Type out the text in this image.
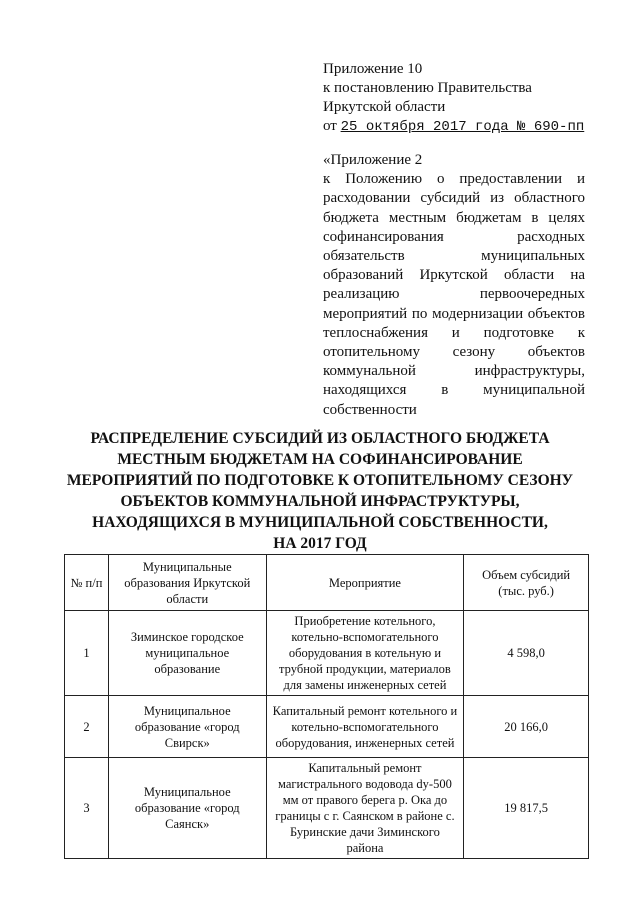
Приложение 10
к постановлению Правительства
Иркутской области
от 25 октября 2017 года № 690-пп
«Приложение 2
к Положению о предоставлении и расходовании субсидий из областного бюджета местным бюджетам в целях софинансирования расходных обязательств муниципальных образований Иркутской области на реализацию первоочередных мероприятий по модернизации объектов теплоснабжения и подготовке к отопительному сезону объектов коммунальной инфраструктуры, находящихся в муниципальной собственности
РАСПРЕДЕЛЕНИЕ СУБСИДИЙ ИЗ ОБЛАСТНОГО БЮДЖЕТА
МЕСТНЫМ БЮДЖЕТАМ НА СОФИНАНСИРОВАНИЕ
МЕРОПРИЯТИЙ ПО ПОДГОТОВКЕ К ОТОПИТЕЛЬНОМУ СЕЗОНУ
ОБЪЕКТОВ КОММУНАЛЬНОЙ ИНФРАСТРУКТУРЫ,
НАХОДЯЩИХСЯ В МУНИЦИПАЛЬНОЙ СОБСТВЕННОСТИ,
НА 2017 ГОД
№ п/п	Муниципальные образования Иркутской области	Мероприятие	Объем субсидий (тыс. руб.)
1	Зиминское городское муниципальное образование	Приобретение котельного, котельно-вспомогательного оборудования в котельную и трубной продукции, материалов для замены инженерных сетей	4 598,0
2	Муниципальное образование «город Свирск»	Капитальный ремонт котельного и котельно-вспомогательного оборудования, инженерных сетей	20 166,0
3	Муниципальное образование «город Саянск»	Капитальный ремонт магистрального водовода dy-500 мм от правого берега р. Ока до границы с г. Саянском в районе с. Буринские дачи Зиминского района	19 817,5
